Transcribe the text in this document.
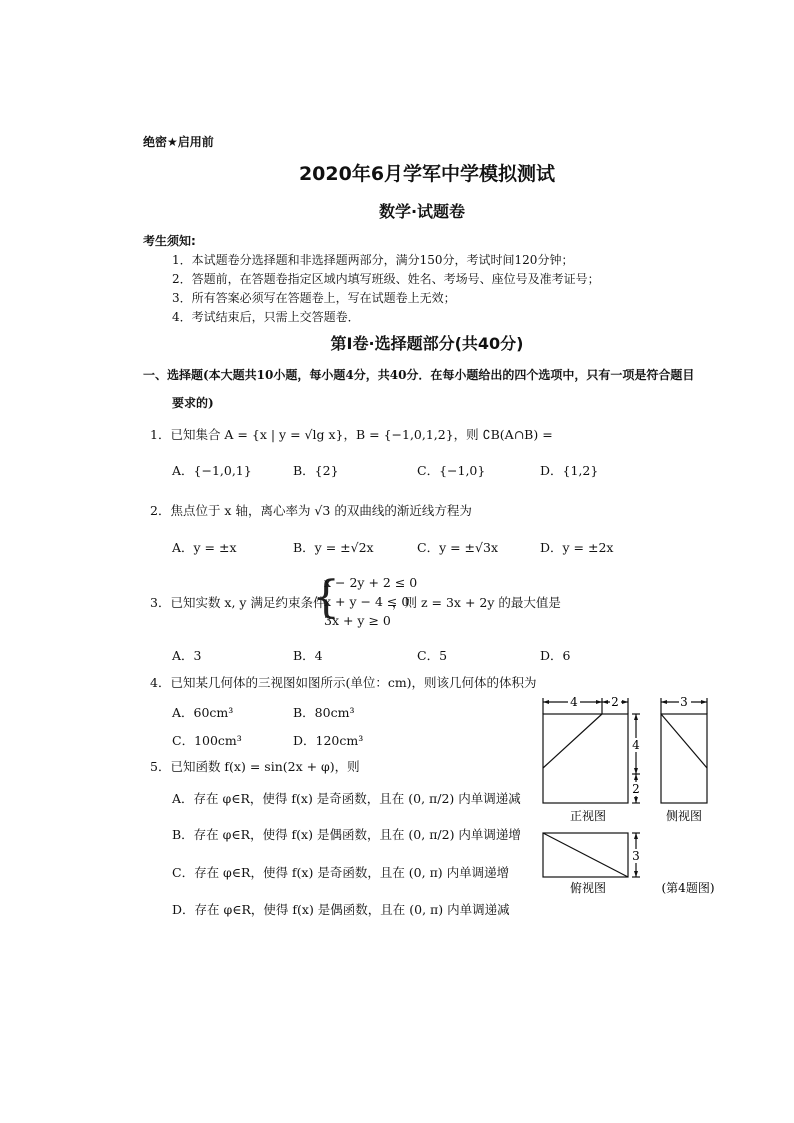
绝密★启用前
2020年6月学军中学模拟测试
数学·试题卷
考生须知:
1．本试题卷分选择题和非选择题两部分，满分150分，考试时间120分钟；
2．答题前，在答题卷指定区域内填写班级、姓名、考场号、座位号及准考证号；
3．所有答案必须写在答题卷上，写在试题卷上无效；
4．考试结束后，只需上交答题卷．
第Ⅰ卷·选择题部分(共40分)
一、选择题(本大题共10小题，每小题4分，共40分．在每小题给出的四个选项中，只有一项是符合题目
要求的)
1．已知集合 A = {x | y = √lg x}，B = {−1,0,1,2}，则 ∁B(A∩B) =
A．{−1,0,1}	B．{2}	C．{−1,0}	D．{1,2}
2．焦点位于 x 轴，离心率为 √3 的双曲线的渐近线方程为
A．y = ±x	B．y = ±√2x	C．y = ±√3x	D．y = ±2x
3．已知实数 x, y 满足约束条件
{
x − 2y + 2 ≤ 0
x + y − 4 ≤ 0
3x + y ≥ 0
，则 z = 3x + 2y 的最大值是
A．3	B．4	C．5	D．6
4．已知某几何体的三视图如图所示(单位：cm)，则该几何体的体积为
A．60cm³	B．80cm³
C．100cm³	D．120cm³
5．已知函数 f(x) = sin(2x + φ)，则
A．存在 φ∈R，使得 f(x) 是奇函数，且在 (0, π/2) 内单调递减
B．存在 φ∈R，使得 f(x) 是偶函数，且在 (0, π/2) 内单调递增
C．存在 φ∈R，使得 f(x) 是奇函数，且在 (0, π) 内单调递增
D．存在 φ∈R，使得 f(x) 是偶函数，且在 (0, π) 内单调递减
4	2	3
4
2
3
正视图	侧视图
俯视图	(第4题图)
